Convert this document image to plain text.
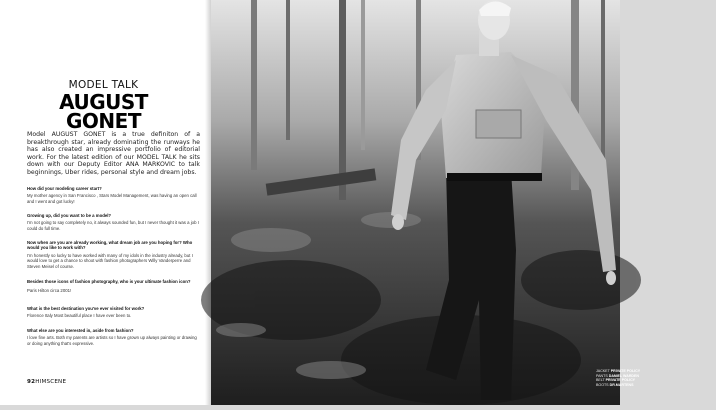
MODEL TALK
AUGUST
GONET
Model AUGUST GONET is a true definiton of a breakthrough star, already dominating the runways he has also created an impressive portfolio of editorial work. For the latest edition of our MODEL TALK he sits down with our Deputy Editor ANA MARKOVIC to talk beginnings, Uber rides, personal style and dream jobs.
How did your modeling career start?
My mother agency in San Francisco , Stars Model Management, was having an open call and I went and got lucky!
Growing up, did you want to be a model?
I'm not going to say completely no, it always sounded fun, but I never thought it was a job I could do full time.
Now when are you are already working, what dream job are you hoping for? Who would you like to work with?
I'm honestly so lucky to have worked with many of my idols in the industry already, but I would love to get a chance to shoot with fashion photographers Willy Vanderperre and Steven Meisel of course.
Besides those icons of fashion photography, who is your ultimate fashion icon?
Paris Hilton circa 2001!
What is the best destination you've ever visited for work?
Florence Italy Most beautiful place I have ever been to.
What else are you interested in, aside from fashion?
I love fine arts. Both my parents are artists so I have grown up always painting or drawing or doing anything that's expressive.
92HIMSCENE
JACKET PRIVATE POLICY
PANTS DANIEL WARDEN
BELT PRIVATE POLICY
BOOTS DR.MARTENS
